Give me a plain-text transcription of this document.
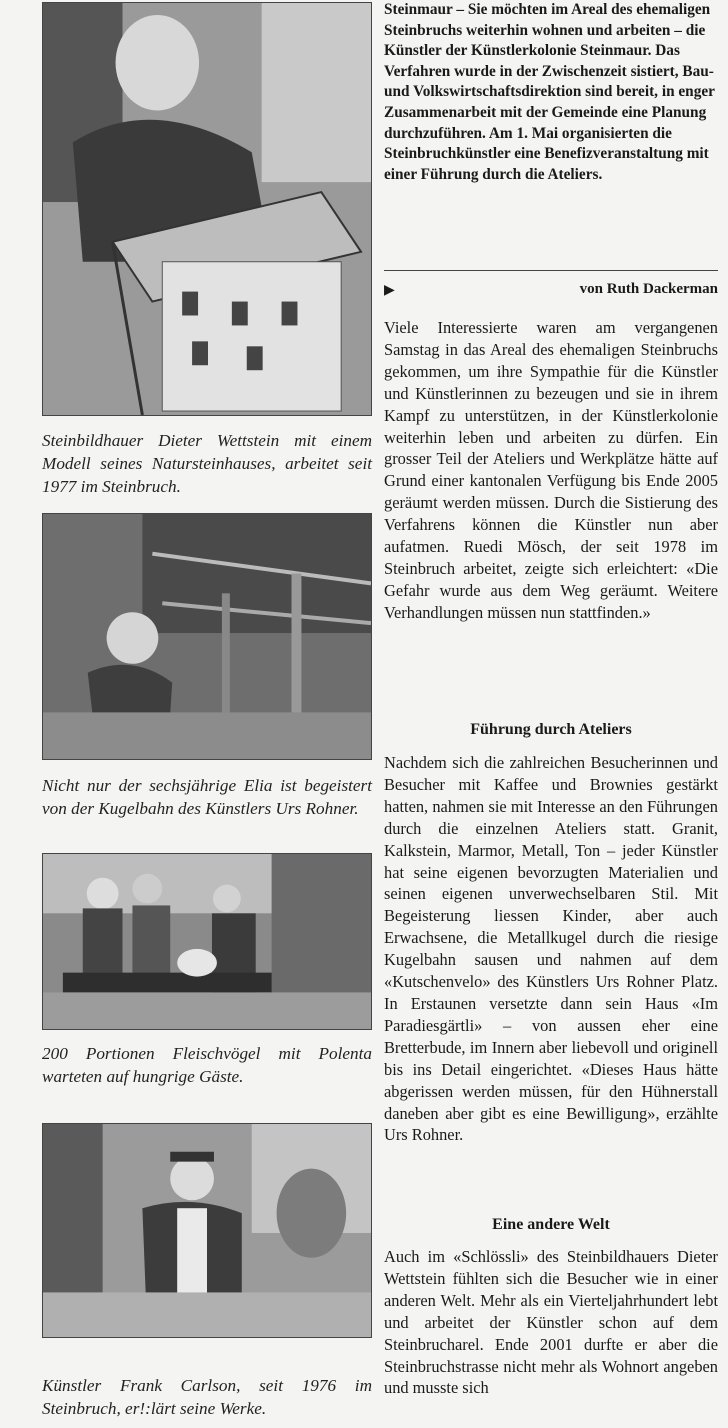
Steinbildhauer Dieter Wettstein mit einem Modell seines Natursteinhauses, arbeitet seit 1977 im Steinbruch.
Nicht nur der sechsjährige Elia ist begeistert von der Kugelbahn des Künstlers Urs Rohner.
200 Portionen Fleischvögel mit Polenta warteten auf hungrige Gäste.
Künstler Frank Carlson, seit 1976 im Steinbruch, er!:lärt seine Werke.
Steinmaur – Sie möchten im Areal des ehemaligen Steinbruchs weiterhin wohnen und arbeiten – die Künstler der Künstlerkolonie Steinmaur. Das Verfahren wurde in der Zwischenzeit sistiert, Bau- und Volkswirtschaftsdirektion sind bereit, in enger Zusammenarbeit mit der Gemeinde eine Planung durchzuführen. Am 1. Mai organisierten die Steinbruchkünstler eine Benefizveranstaltung mit einer Führung durch die Ateliers.
▶	von Ruth Dackerman
Viele Interessierte waren am vergangenen Samstag in das Areal des ehemaligen Steinbruchs gekommen, um ihre Sympathie für die Künstler und Künstlerinnen zu bezeugen und sie in ihrem Kampf zu unterstützen, in der Künstlerkolonie weiterhin leben und arbeiten zu dürfen. Ein grosser Teil der Ateliers und Werkplätze hätte auf Grund einer kantonalen Verfügung bis Ende 2005 geräumt werden müssen. Durch die Sistierung des Verfahrens können die Künstler nun aber aufatmen. Ruedi Mösch, der seit 1978 im Steinbruch arbeitet, zeigte sich erleichtert: «Die Gefahr wurde aus dem Weg geräumt. Weitere Verhandlungen müssen nun stattfinden.»
Führung durch Ateliers
Nachdem sich die zahlreichen Besucherinnen und Besucher mit Kaffee und Brownies gestärkt hatten, nahmen sie mit Interesse an den Führungen durch die einzelnen Ateliers statt. Granit, Kalkstein, Marmor, Metall, Ton – jeder Künstler hat seine eigenen bevorzugten Materialien und seinen eigenen unverwechselbaren Stil. Mit Begeisterung liessen Kinder, aber auch Erwachsene, die Metallkugel durch die riesige Kugelbahn sausen und nahmen auf dem «Kutschenvelo» des Künstlers Urs Rohner Platz. In Erstaunen versetzte dann sein Haus «Im Paradiesgärtli» – von aussen eher eine Bretterbude, im Innern aber liebevoll und originell bis ins Detail eingerichtet. «Dieses Haus hätte abgerissen werden müssen, für den Hühnerstall daneben aber gibt es eine Bewilligung», erzählte Urs Rohner.
Eine andere Welt
Auch im «Schlössli» des Steinbildhauers Dieter Wettstein fühlten sich die Besucher wie in einer anderen Welt. Mehr als ein Vierteljahrhundert lebt und arbeitet der Künstler schon auf dem Steinbrucharel. Ende 2001 durfte er aber die Steinbruchstrasse nicht mehr als Wohnort angeben und musste sich
